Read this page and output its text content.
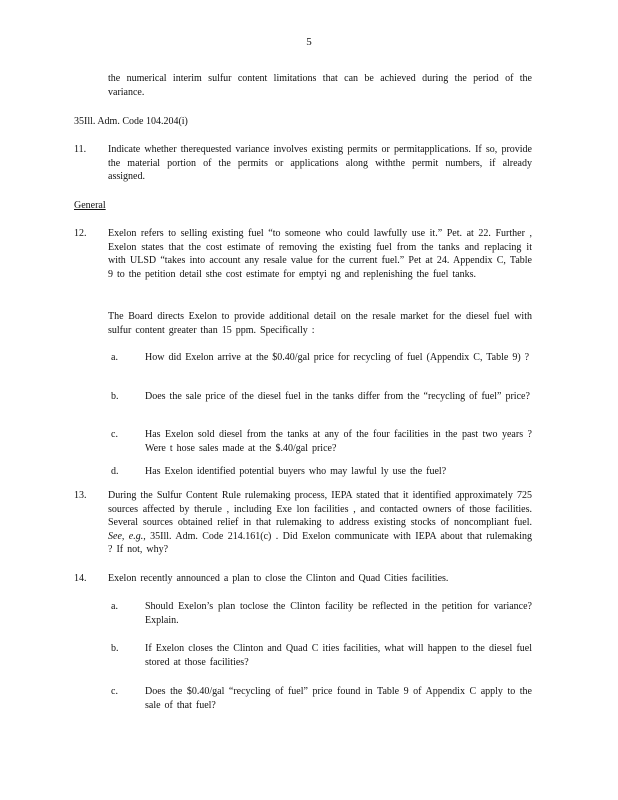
5
the numerical interim sulfur content limitations that can be achieved during the period of the variance.
35Ill. Adm. Code 104.204(i)
11. Indicate whether therequested variance involves existing permits or permitapplications. If so, provide the material portion of the permits or applications along withthe permit numbers, if already assigned.
General
12. Exelon refers to selling existing fuel “to someone who could lawfully use it.” Pet. at 22. Further , Exelon states that the cost estimate of removing the existing fuel from the tanks and replacing it with ULSD “takes into account any resale value for the current fuel.” Pet at 24. Appendix C, Table 9 to the petition detail sthe cost estimate for emptyi ng and replenishing the fuel tanks.
The Board directs Exelon to provide additional detail on the resale market for the diesel fuel with sulfur content greater than 15 ppm. Specifically :
a.	How did Exelon arrive at the $0.40/gal price for recycling of fuel (Appendix C, Table 9) ?
b.	Does the sale price of the diesel fuel in the tanks differ from the “recycling of fuel” price?
c.	Has Exelon sold diesel from the tanks at any of the four facilities in the past two years ?Were t hose sales made at the $.40/gal price?
d.	Has Exelon identified potential buyers who may lawful ly use the fuel?
13. During the Sulfur Content Rule rulemaking process, IEPA stated that it identified approximately 725 sources affected by therule , including Exe lon facilities , and contacted owners of those facilities. Several sources obtained relief in that rulemaking to address existing stocks of noncompliant fuel. See, e.g., 35Ill. Adm. Code 214.161(c) . Did Exelon communicate with IEPA about that rulemaking ? If not, why?
14. Exelon recently announced a plan to close the Clinton and Quad Cities facilities.
a.	Should Exelon’s plan toclose the Clinton facility be reflected in the petition for variance? Explain.
b.	If Exelon closes the Clinton and Quad C ities facilities, what will happen to the diesel fuel stored at those facilities?
c.	Does the $0.40/gal “recycling of fuel” price found in Table 9 of Appendix C apply to the sale of that fuel?
